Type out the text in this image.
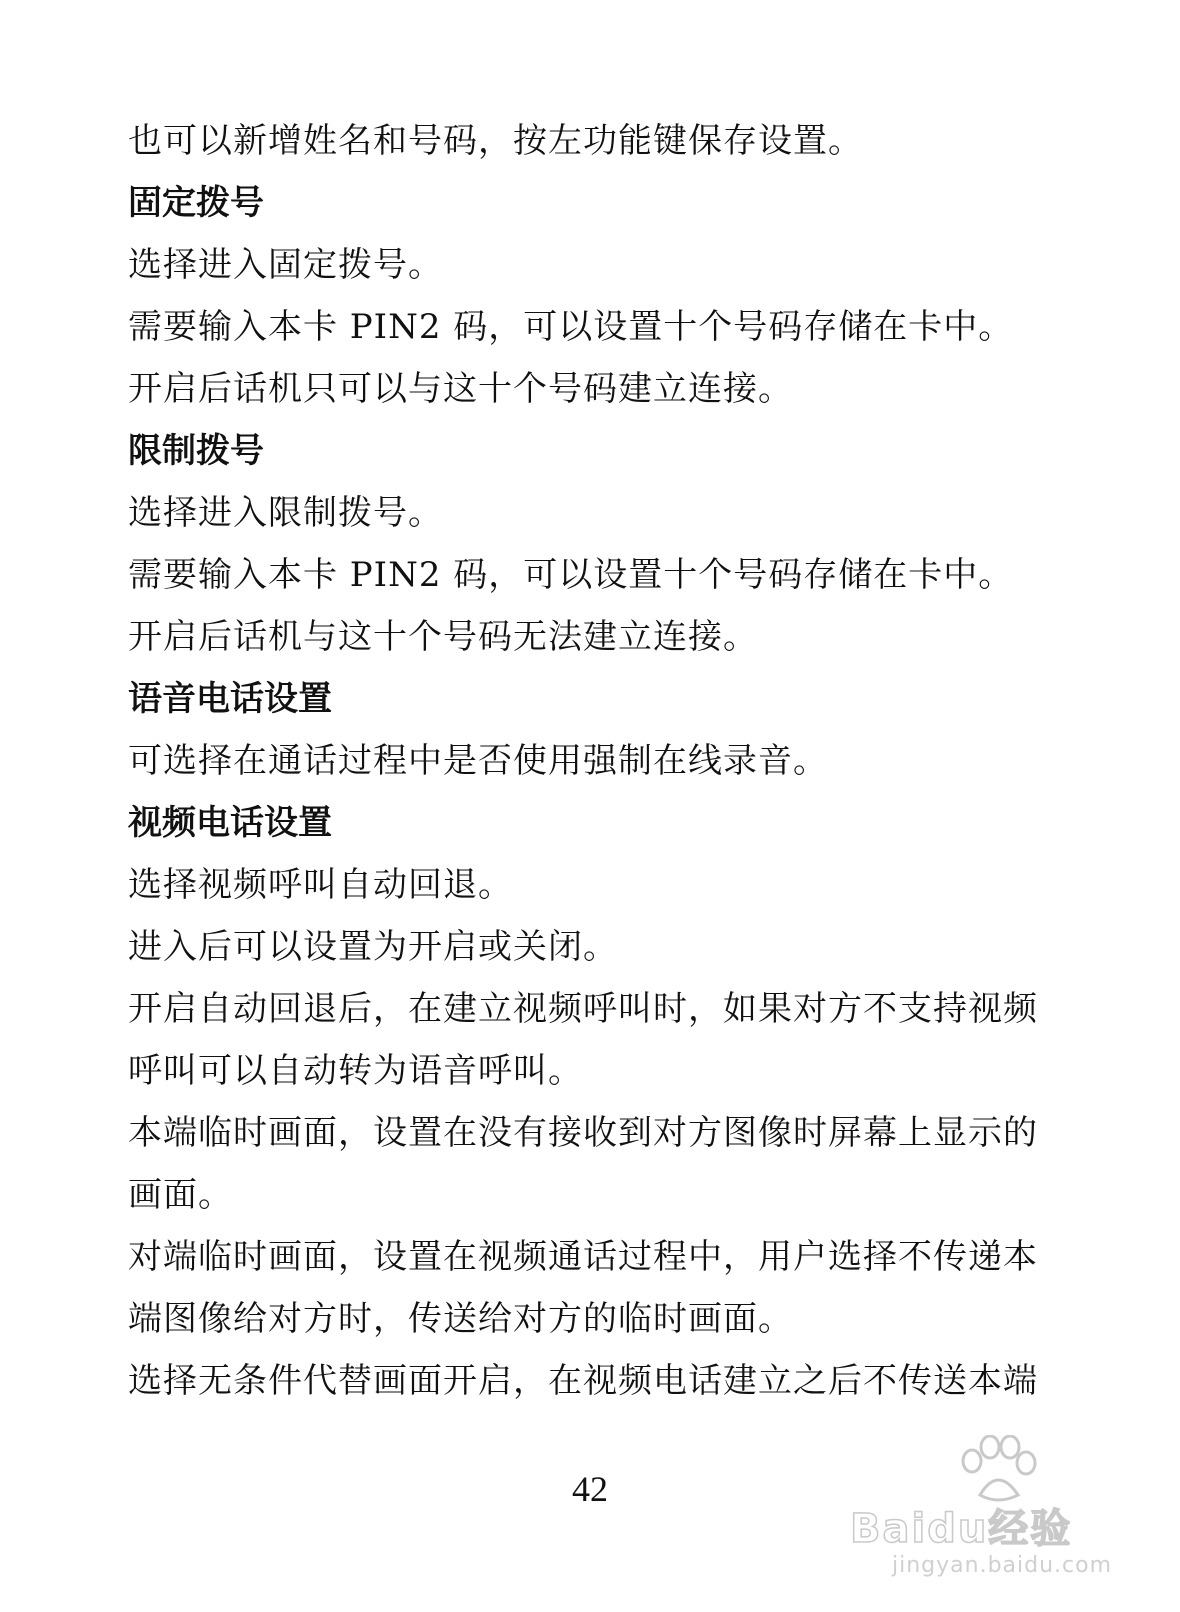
也可以新增姓名和号码，按左功能键保存设置。
固定拨号
选择进入固定拨号。
需要输入本卡 PIN2 码，可以设置十个号码存储在卡中。
开启后话机只可以与这十个号码建立连接。
限制拨号
选择进入限制拨号。
需要输入本卡 PIN2 码，可以设置十个号码存储在卡中。
开启后话机与这十个号码无法建立连接。
语音电话设置
可选择在通话过程中是否使用强制在线录音。
视频电话设置
选择视频呼叫自动回退。
进入后可以设置为开启或关闭。
开启自动回退后，在建立视频呼叫时，如果对方不支持视频
呼叫可以自动转为语音呼叫。
本端临时画面，设置在没有接收到对方图像时屏幕上显示的
画面。
对端临时画面，设置在视频通话过程中，用户选择不传递本
端图像给对方时，传送给对方的临时画面。
选择无条件代替画面开启，在视频电话建立之后不传送本端
42
Baidu经验
jingyan.baidu.com
